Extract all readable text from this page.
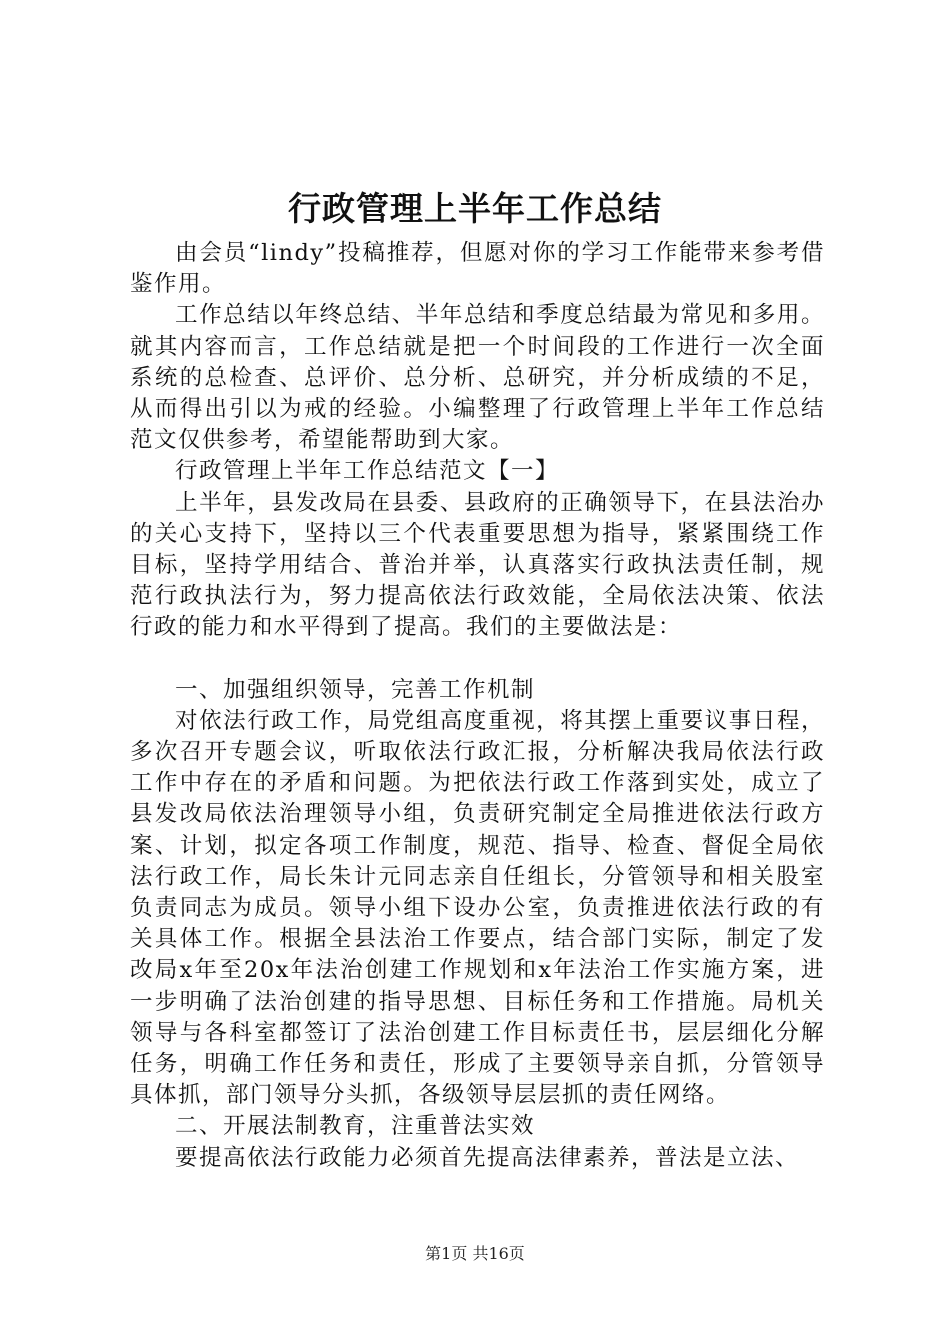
行政管理上半年工作总结

由会员“lindy”投稿推荐，但愿对你的学习工作能带来参考借鉴作用。

工作总结以年终总结、半年总结和季度总结最为常见和多用。就其内容而言，工作总结就是把一个时间段的工作进行一次全面系统的总检查、总评价、总分析、总研究，并分析成绩的不足，从而得出引以为戒的经验。小编整理了行政管理上半年工作总结范文仅供参考，希望能帮助到大家。

行政管理上半年工作总结范文【一】

上半年，县发改局在县委、县政府的正确领导下，在县法治办的关心支持下，坚持以三个代表重要思想为指导，紧紧围绕工作目标，坚持学用结合、普治并举，认真落实行政执法责任制，规范行政执法行为，努力提高依法行政效能，全局依法决策、依法行政的能力和水平得到了提高。我们的主要做法是：

一、加强组织领导，完善工作机制

对依法行政工作，局党组高度重视，将其摆上重要议事日程，多次召开专题会议，听取依法行政汇报，分析解决我局依法行政工作中存在的矛盾和问题。为把依法行政工作落到实处，成立了县发改局依法治理领导小组，负责研究制定全局推进依法行政方案、计划，拟定各项工作制度，规范、指导、检查、督促全局依法行政工作，局长朱计元同志亲自任组长，分管领导和相关股室负责同志为成员。领导小组下设办公室，负责推进依法行政的有关具体工作。根据全县法治工作要点，结合部门实际，制定了发改局x年至20x年法治创建工作规划和x年法治工作实施方案，进一步明确了法治创建的指导思想、目标任务和工作措施。局机关领导与各科室都签订了法治创建工作目标责任书，层层细化分解任务，明确工作任务和责任，形成了主要领导亲自抓，分管领导具体抓，部门领导分头抓，各级领导层层抓的责任网络。

二、开展法制教育，注重普法实效

要提高依法行政能力必须首先提高法律素养，普法是立法、

第1页 共16页
